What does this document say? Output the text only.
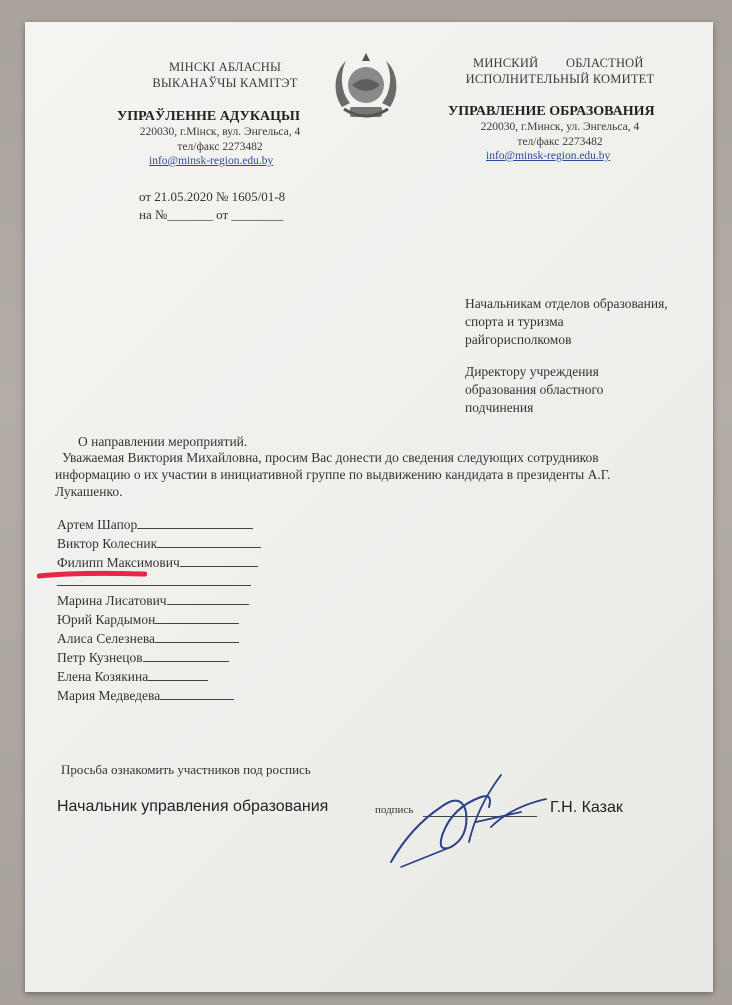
МІНСКІ АБЛАСНЫ
ВЫКАНАЎЧЫ КАМІТЭТ
УПРАЎЛЕННЕ АДУКАЦЫІ
220030, г.Мінск, вул. Энгельса, 4
тел/факс 2273482
info@minsk-region.edu.by
МИНСКИЙ ОБЛАСТНОЙ
ИСПОЛНИТЕЛЬНЫЙ КОМИТЕТ
УПРАВЛЕНИЕ ОБРАЗОВАНИЯ
220030, г.Минск, ул. Энгельса, 4
тел/факс 2273482
info@minsk-region.edu.by
от 21.05.2020 № 1605/01-8
на №_______ от ________
Начальникам отделов образования,
спорта и туризма
райгорисполкомов
Директору учреждения
образования областного
подчинения
О направлении мероприятий.
Уважаемая Виктория Михайловна, просим Вас донести до сведения следующих сотрудников
информацию о их участии в инициативной группе по выдвижению кандидата в президенты А.Г.
Лукашенко.
Артем Шапор
Виктор Колесник
Филипп Максимович
Марина Лисатович
Юрий Кардымон
Алиса Селезнева
Петр Кузнецов
Елена Козякина
Мария Медведева
Просьба ознакомить участников под роспись
Начальник управления образования	подпись	Г.Н. Казак
